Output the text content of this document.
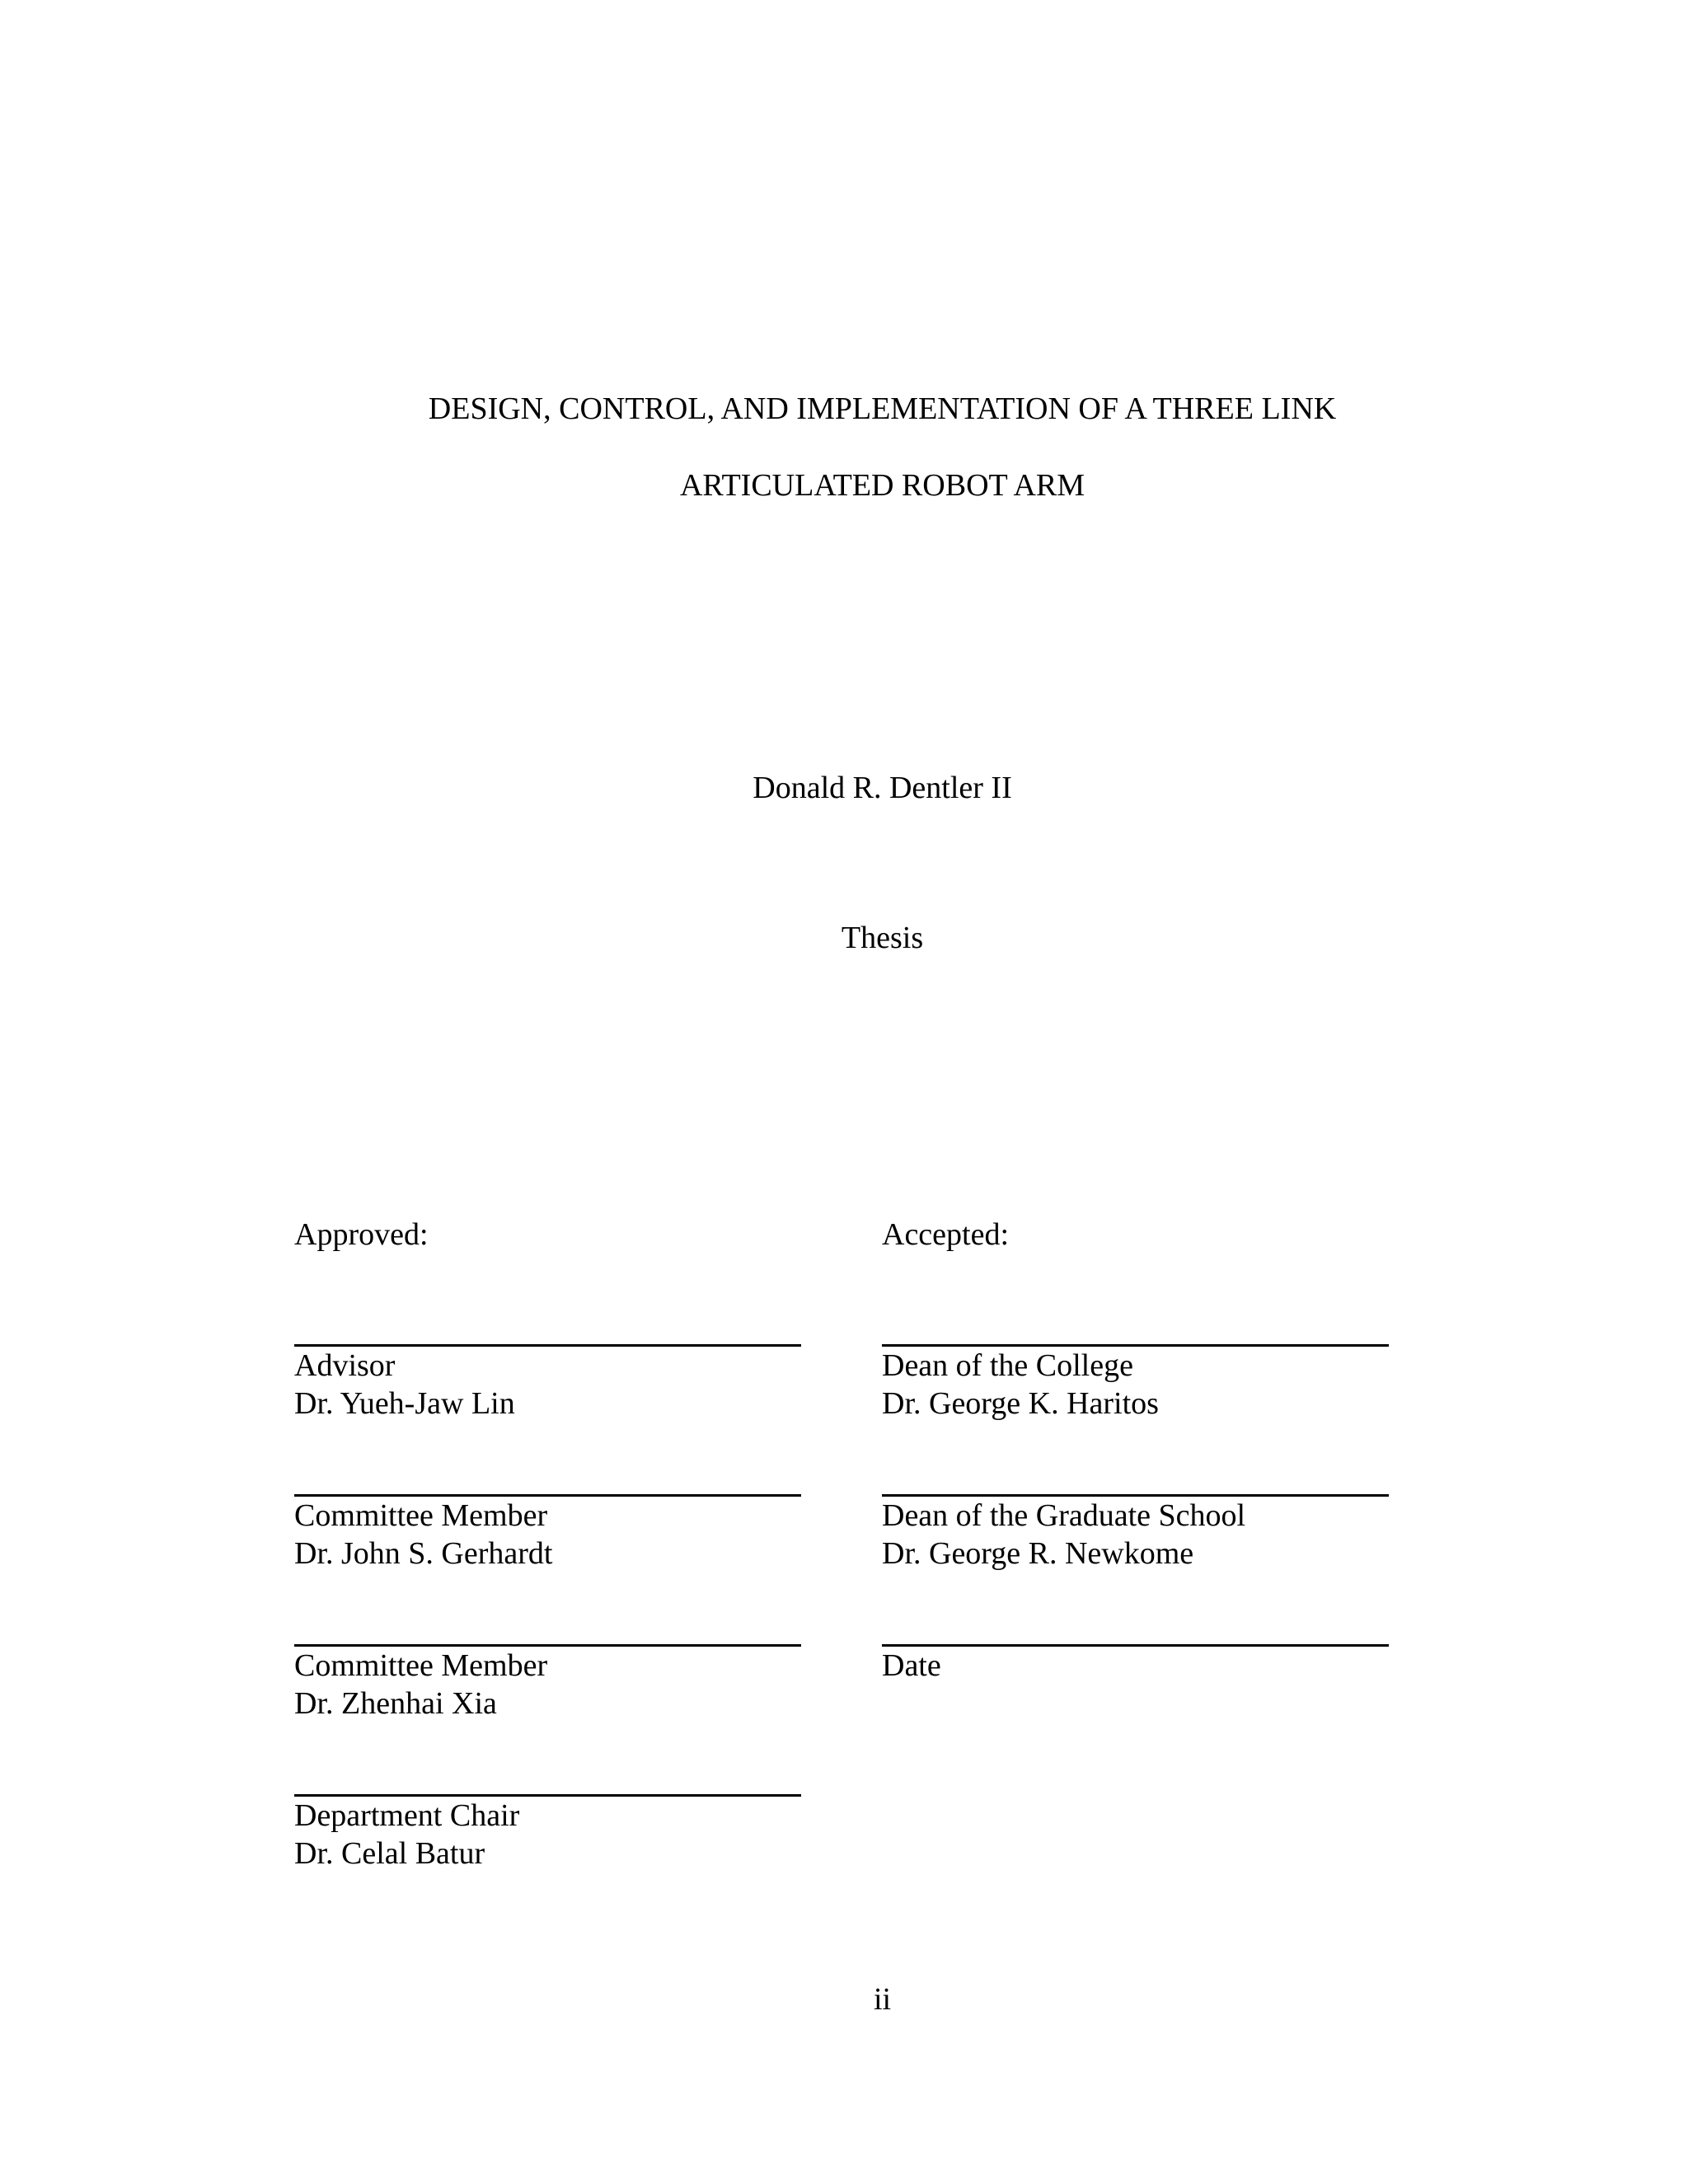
DESIGN, CONTROL, AND IMPLEMENTATION OF A THREE LINK
ARTICULATED ROBOT ARM
Donald R. Dentler II
Thesis
Approved:
Advisor
Dr. Yueh-Jaw Lin
Committee Member
Dr. John S. Gerhardt
Committee Member
Dr. Zhenhai Xia
Department Chair
Dr. Celal Batur
Accepted:
Dean of the College
Dr. George K. Haritos
Dean of the Graduate School
Dr. George R. Newkome
Date
ii
